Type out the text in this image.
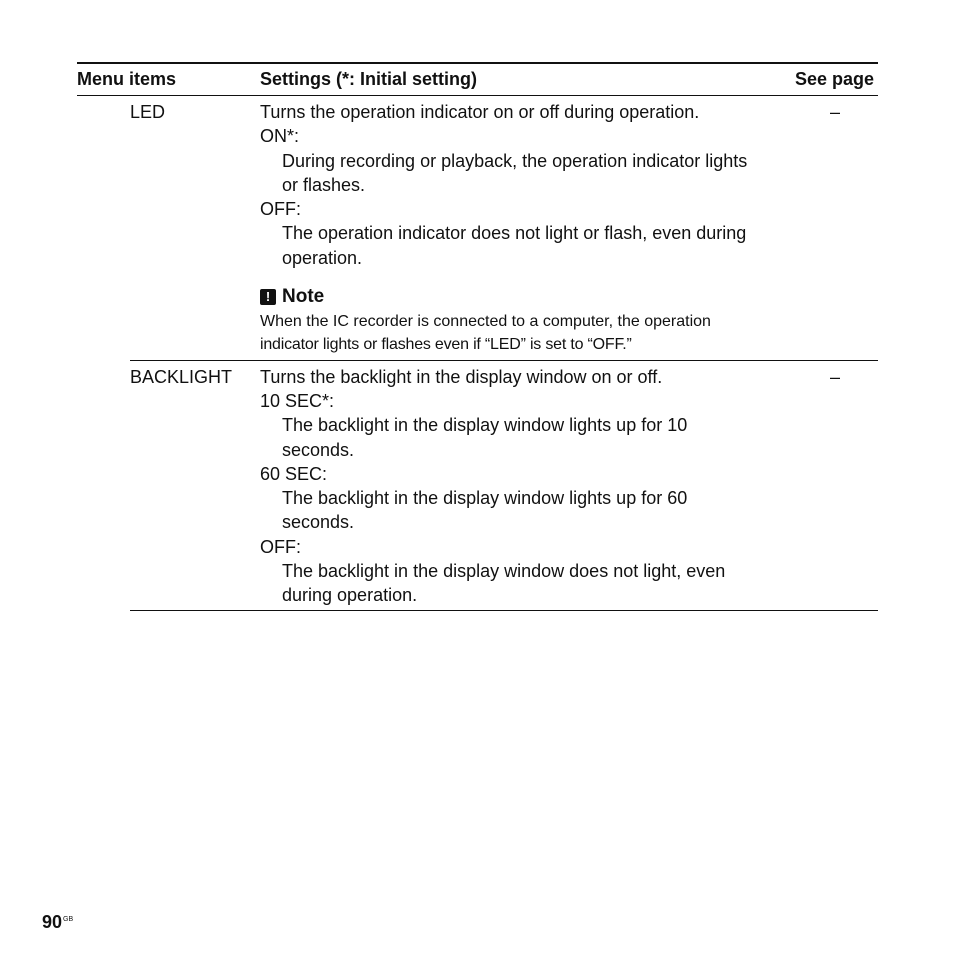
Menu items	Settings (*: Initial setting)	See page
LED	Turns the operation indicator on or off during operation.	–
ON*:
During recording or playback, the operation indicator lights
or flashes.
OFF:
The operation indicator does not light or flash, even during
operation.
! Note
When the IC recorder is connected to a computer, the operation
indicator lights or flashes even if “LED” is set to “OFF.”
BACKLIGHT Turns the backlight in the display window on or off.	–
10 SEC*:
The backlight in the display window lights up for 10
seconds.
60 SEC:
The backlight in the display window lights up for 60
seconds.
OFF:
The backlight in the display window does not light, even
during operation.
$90^{GB}$
